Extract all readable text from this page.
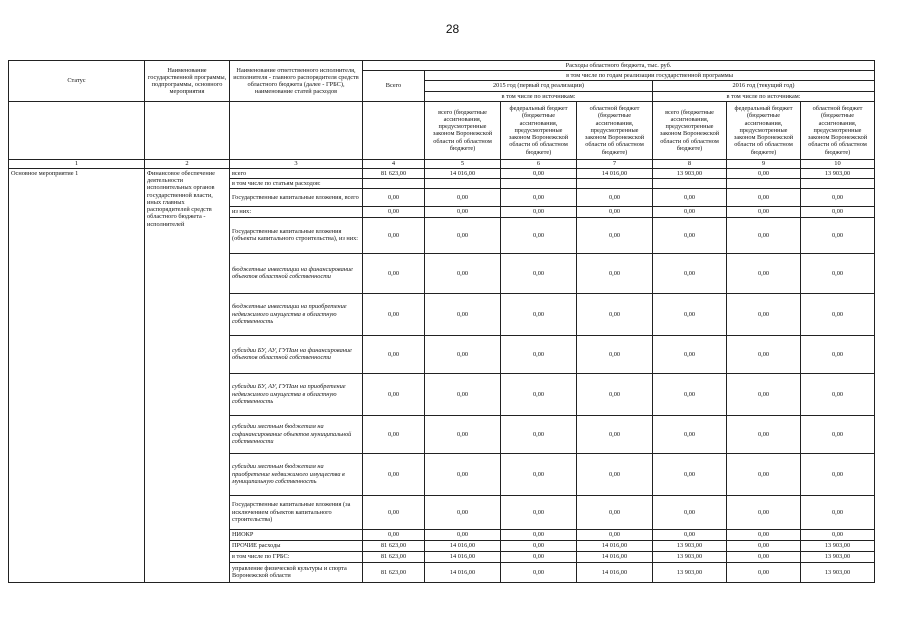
28
Статус	Наименование государственной программы, подпрограммы, основного мероприятия	Наименование ответственного исполнителя, исполнителя - главного распорядителя средств областного бюджета (далее - ГРБС), наименование статей расходов	Расходы областного бюджета, тыс. руб.						
			Всего	в том числе по годам реализации государственной программы					
				2015 год (первый год реализации)			2016 год (текущий год)		
				в том числе по источникам:			в том числе по источникам:		
				всего (бюджетные ассигнования, предусмотренные законом Воронежской области об областном бюджете)	федеральный бюджет (бюджетные ассигнования, предусмотренные законом Воронежской области об областном бюджете)	областной бюджет (бюджетные ассигнования, предусмотренные законом Воронежской области об областном бюджете)	всего (бюджетные ассигнования, предусмотренные законом Воронежской области об областном бюджете)	федеральный бюджет (бюджетные ассигнования, предусмотренные законом Воронежской области об областном бюджете)	областной бюджет (бюджетные ассигнования, предусмотренные законом Воронежской области об областном бюджете)
1	2	3	4	5	6	7	8	9	10
Основное мероприятие 1	Финансовое обеспечение деятельности исполнительных органов государственной власти, иных главных распорядителей средств областного бюджета - исполнителей	всего	81 623,00	14 016,00	0,00	14 016,00	13 903,00	0,00	13 903,00
		в том числе по статьям расходов:							
		Государственные капитальные вложения, всего	0,00	0,00	0,00	0,00	0,00	0,00	0,00
		из них:	0,00	0,00	0,00	0,00	0,00	0,00	0,00
		Государственные капитальные вложения (объекты капитального строительства), из них:	0,00	0,00	0,00	0,00	0,00	0,00	0,00
		бюджетные инвестиции на финансирование объектов областной собственности	0,00	0,00	0,00	0,00	0,00	0,00	0,00
		бюджетные инвестиции на приобретение недвижимого имущества в областную собственность	0,00	0,00	0,00	0,00	0,00	0,00	0,00
		субсидии БУ, АУ, ГУПам на финансирование объектов областной собственности	0,00	0,00	0,00	0,00	0,00	0,00	0,00
		субсидии БУ, АУ, ГУПам на приобретение недвижимого имущества в областную собственность	0,00	0,00	0,00	0,00	0,00	0,00	0,00
		субсидии местным бюджетам на софинансирование объектов муниципальной собственности	0,00	0,00	0,00	0,00	0,00	0,00	0,00
		субсидии местным бюджетам на приобретение недвижимого имущества в муниципальную собственность	0,00	0,00	0,00	0,00	0,00	0,00	0,00
		Государственные капитальные вложения (за исключением объектов капитального строительства)	0,00	0,00	0,00	0,00	0,00	0,00	0,00
		НИОКР	0,00	0,00	0,00	0,00	0,00	0,00	0,00
		ПРОЧИЕ расходы	81 623,00	14 016,00	0,00	14 016,00	13 903,00	0,00	13 903,00
		в том числе по ГРБС:	81 623,00	14 016,00	0,00	14 016,00	13 903,00	0,00	13 903,00
		управление физической культуры и спорта Воронежской области	81 623,00	14 016,00	0,00	14 016,00	13 903,00	0,00	13 903,00
